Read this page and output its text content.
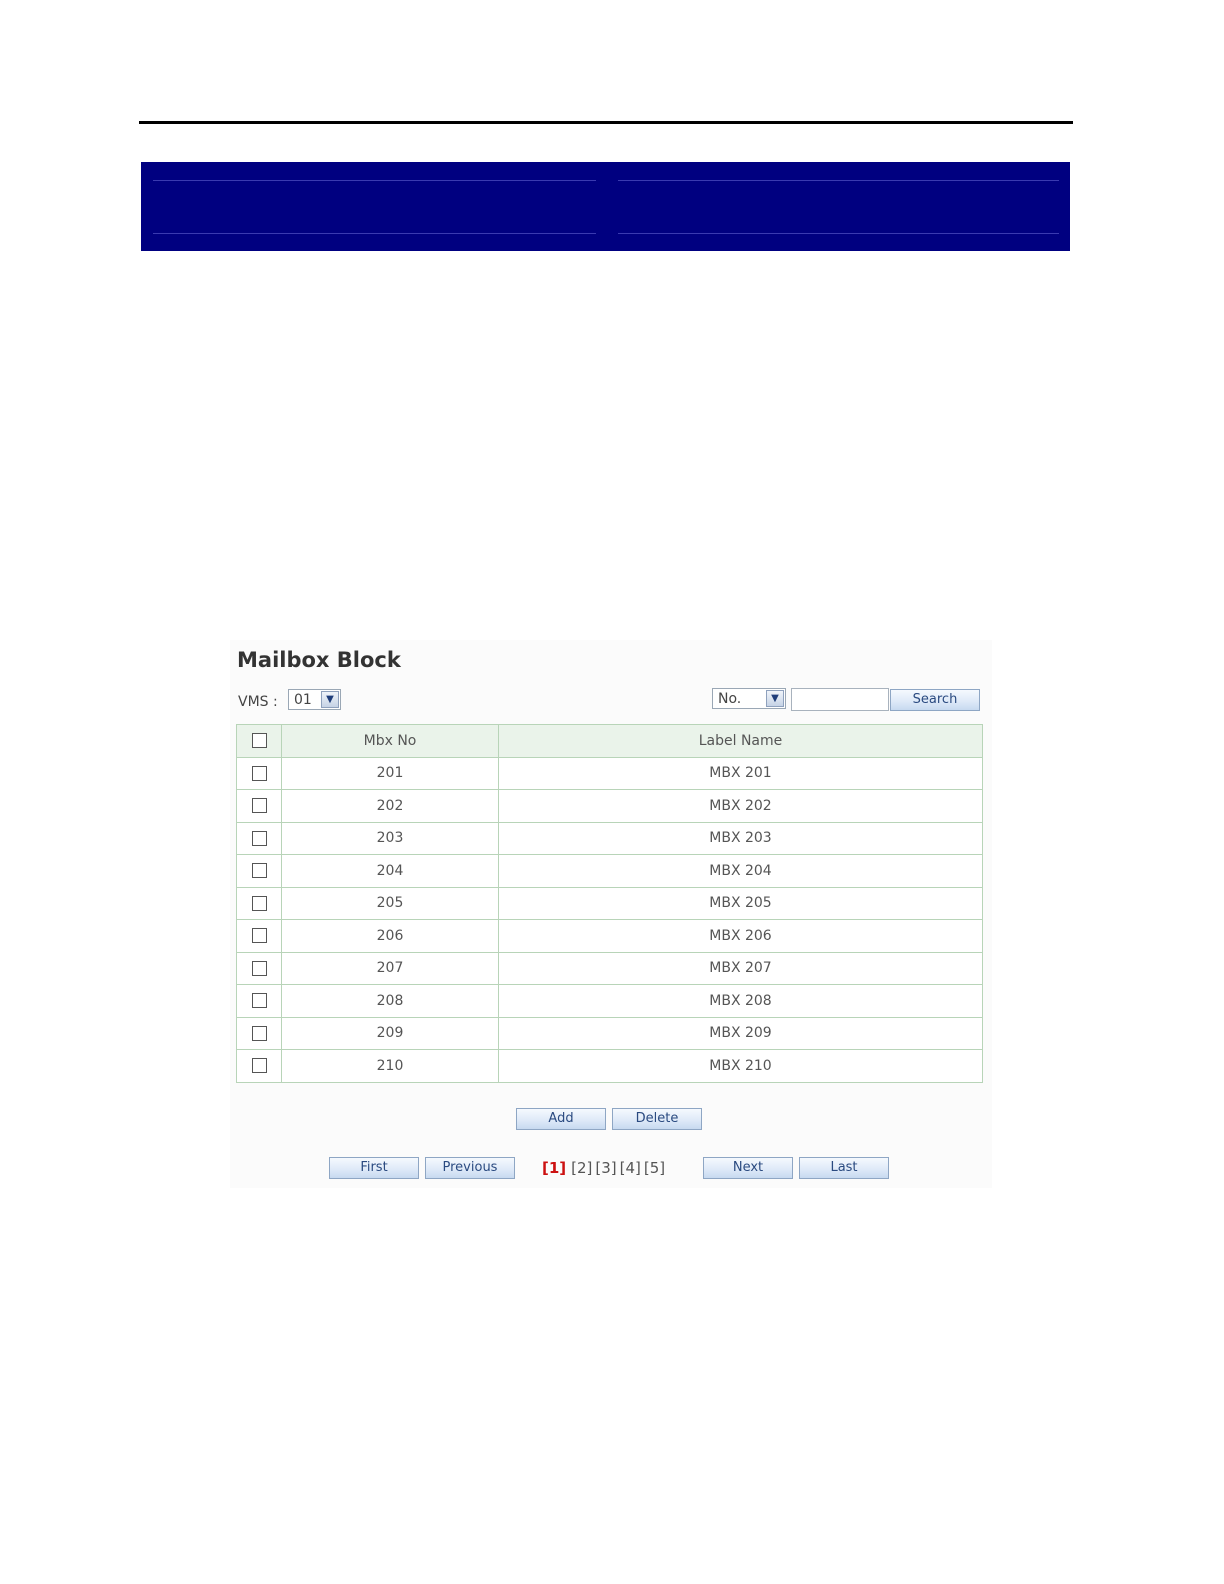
Mailbox Block
VMS : 01	▼	No.	▼	Search
	Mbx No	Label Name
	201	MBX 201
	202	MBX 202
	203	MBX 203
	204	MBX 204
	205	MBX 205
	206	MBX 206
	207	MBX 207
	208	MBX 208
	209	MBX 209
	210	MBX 210
Add	Delete
First	Previous	[1] [2] [3] [4] [5]	Next	Last
